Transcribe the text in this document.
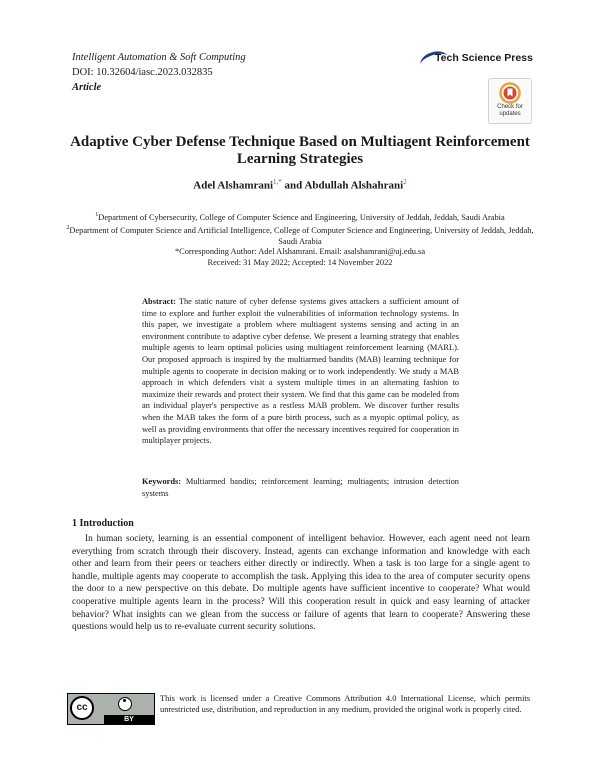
Intelligent Automation & Soft Computing
DOI: 10.32604/iasc.2023.032835
Article
Tech Science Press
Check for updates
Adaptive Cyber Defense Technique Based on Multiagent Reinforcement Learning Strategies
Adel Alshamrani$^{1,*}$ and Abdullah Alshahrani$^2$
$^1$Department of Cybersecurity, College of Computer Science and Engineering, University of Jeddah, Jeddah, Saudi Arabia
$^2$Department of Computer Science and Artificial Intelligence, College of Computer Science and Engineering, University of Jeddah, Jeddah, Saudi Arabia
*Corresponding Author: Adel Alshamrani. Email: asalshamrani@uj.edu.sa
Received: 31 May 2022; Accepted: 14 November 2022
Abstract: The static nature of cyber defense systems gives attackers a sufficient amount of time to explore and further exploit the vulnerabilities of information technology systems. In this paper, we investigate a problem where multiagent systems sensing and acting in an environment contribute to adaptive cyber defense. We present a learning strategy that enables multiple agents to learn optimal policies using multiagent reinforcement learning (MARL). Our proposed approach is inspired by the multiarmed bandits (MAB) learning technique for multiple agents to cooperate in decision making or to work independently. We study a MAB approach in which defenders visit a system multiple times in an alternating fashion to maximize their rewards and protect their system. We find that this game can be modeled from an individual player's perspective as a restless MAB problem. We discover further results when the MAB takes the form of a pure birth process, such as a myopic optimal policy, as well as providing environments that offer the necessary incentives required for cooperation in multiplayer projects.
Keywords: Multiarmed bandits; reinforcement learning; multiagents; intrusion detection systems
1 Introduction
In human society, learning is an essential component of intelligent behavior. However, each agent need not learn everything from scratch through their discovery. Instead, agents can exchange information and knowledge with each other and learn from their peers or teachers either directly or indirectly. When a task is too large for a single agent to handle, multiple agents may cooperate to accomplish the task. Applying this idea to the area of computer security opens the door to a new perspective on this debate. Do multiple agents have sufficient incentive to cooperate? What would cooperative multiple agents learn in the process? Will this cooperation result in quick and easy learning of attacker behavior? What insights can we glean from the success or failure of agents that learn to cooperate? Answering these questions would help us to re-evaluate current security solutions.
cc
BY
This work is licensed under a Creative Commons Attribution 4.0 International License, which permits unrestricted use, distribution, and reproduction in any medium, provided the original work is properly cited.
